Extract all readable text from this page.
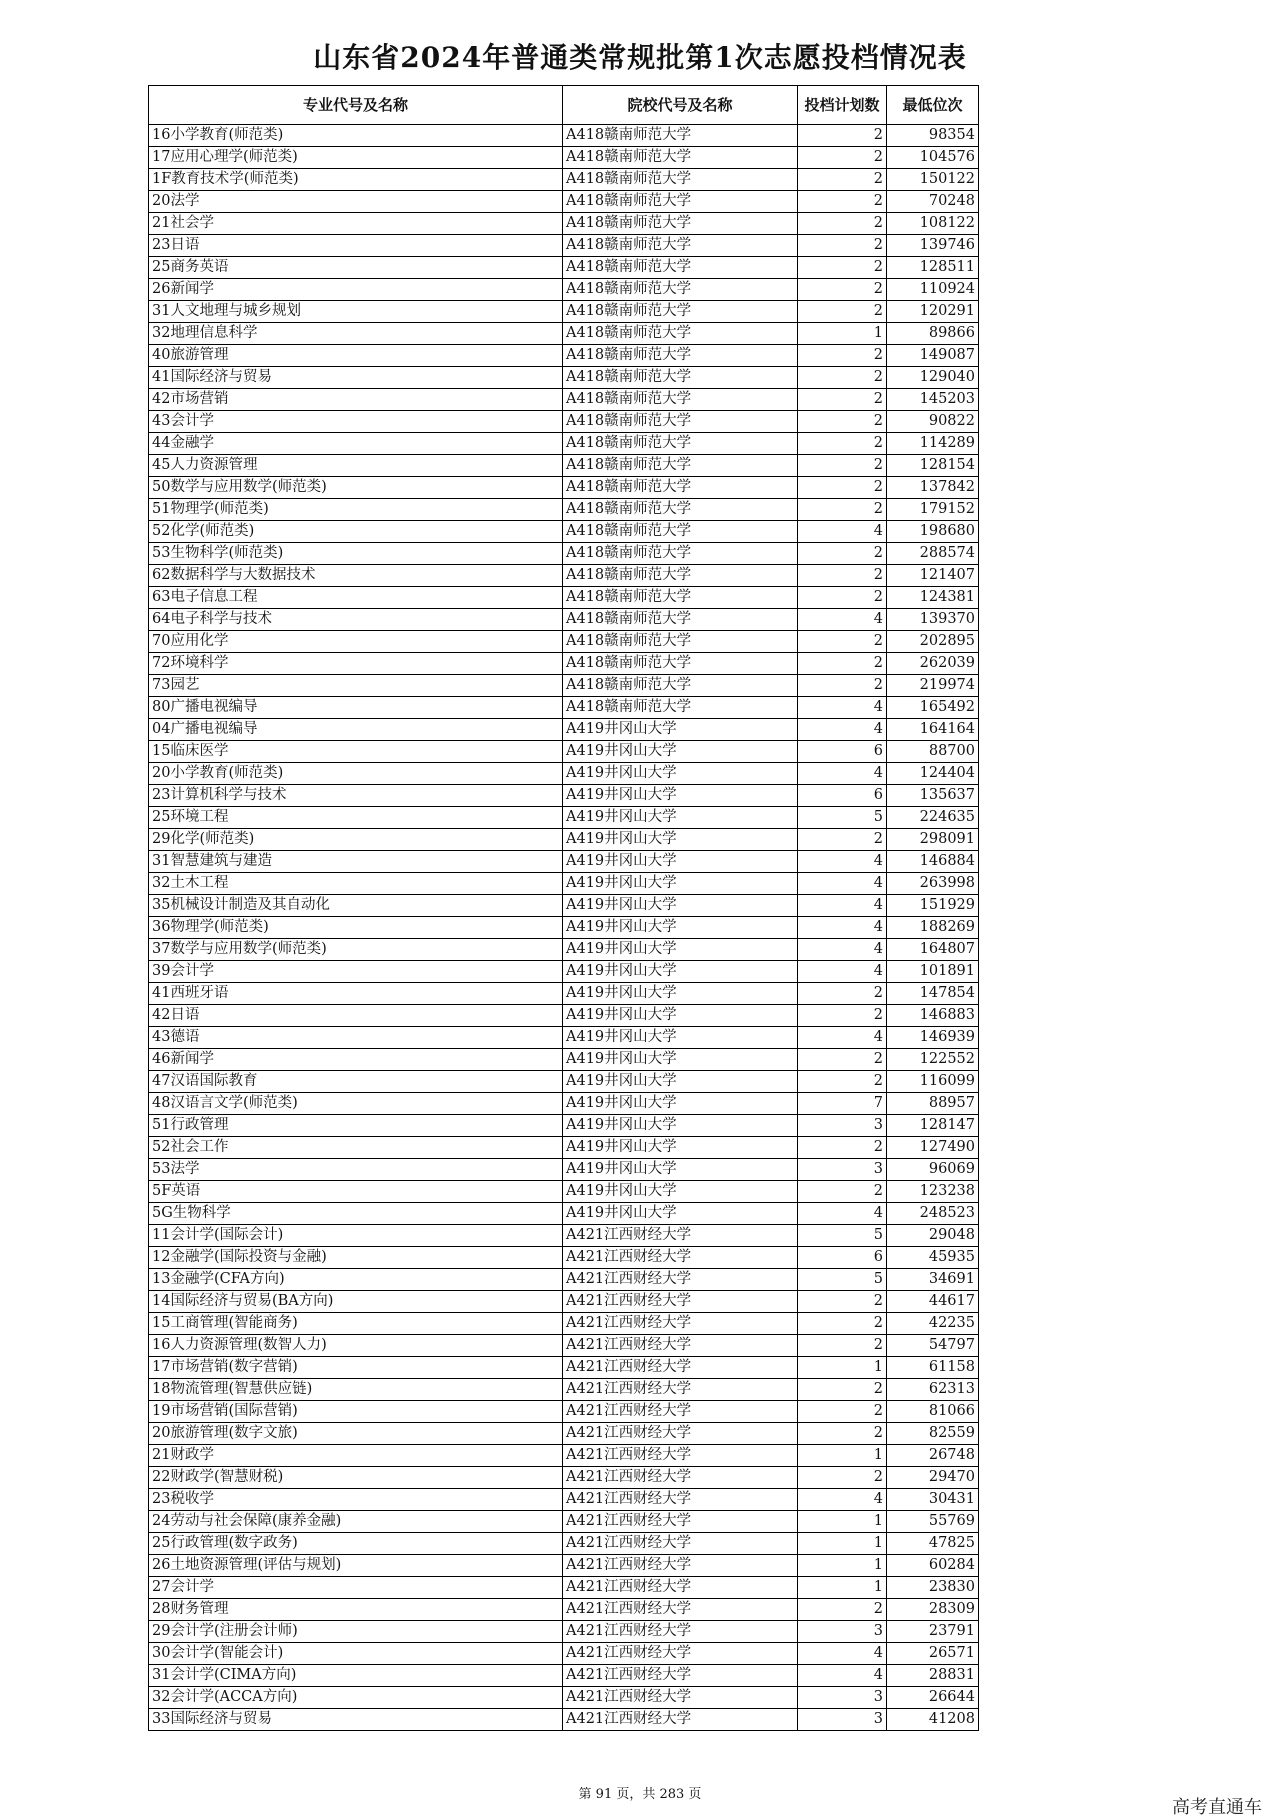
山东省2024年普通类常规批第1次志愿投档情况表
专业代号及名称	院校代号及名称	投档计划数	最低位次
16小学教育(师范类)	A418赣南师范大学	2	98354
17应用心理学(师范类)	A418赣南师范大学	2	104576
1F教育技术学(师范类)	A418赣南师范大学	2	150122
20法学	A418赣南师范大学	2	70248
21社会学	A418赣南师范大学	2	108122
23日语	A418赣南师范大学	2	139746
25商务英语	A418赣南师范大学	2	128511
26新闻学	A418赣南师范大学	2	110924
31人文地理与城乡规划	A418赣南师范大学	2	120291
32地理信息科学	A418赣南师范大学	1	89866
40旅游管理	A418赣南师范大学	2	149087
41国际经济与贸易	A418赣南师范大学	2	129040
42市场营销	A418赣南师范大学	2	145203
43会计学	A418赣南师范大学	2	90822
44金融学	A418赣南师范大学	2	114289
45人力资源管理	A418赣南师范大学	2	128154
50数学与应用数学(师范类)	A418赣南师范大学	2	137842
51物理学(师范类)	A418赣南师范大学	2	179152
52化学(师范类)	A418赣南师范大学	4	198680
53生物科学(师范类)	A418赣南师范大学	2	288574
62数据科学与大数据技术	A418赣南师范大学	2	121407
63电子信息工程	A418赣南师范大学	2	124381
64电子科学与技术	A418赣南师范大学	4	139370
70应用化学	A418赣南师范大学	2	202895
72环境科学	A418赣南师范大学	2	262039
73园艺	A418赣南师范大学	2	219974
80广播电视编导	A418赣南师范大学	4	165492
04广播电视编导	A419井冈山大学	4	164164
15临床医学	A419井冈山大学	6	88700
20小学教育(师范类)	A419井冈山大学	4	124404
23计算机科学与技术	A419井冈山大学	6	135637
25环境工程	A419井冈山大学	5	224635
29化学(师范类)	A419井冈山大学	2	298091
31智慧建筑与建造	A419井冈山大学	4	146884
32土木工程	A419井冈山大学	4	263998
35机械设计制造及其自动化	A419井冈山大学	4	151929
36物理学(师范类)	A419井冈山大学	4	188269
37数学与应用数学(师范类)	A419井冈山大学	4	164807
39会计学	A419井冈山大学	4	101891
41西班牙语	A419井冈山大学	2	147854
42日语	A419井冈山大学	2	146883
43德语	A419井冈山大学	4	146939
46新闻学	A419井冈山大学	2	122552
47汉语国际教育	A419井冈山大学	2	116099
48汉语言文学(师范类)	A419井冈山大学	7	88957
51行政管理	A419井冈山大学	3	128147
52社会工作	A419井冈山大学	2	127490
53法学	A419井冈山大学	3	96069
5F英语	A419井冈山大学	2	123238
5G生物科学	A419井冈山大学	4	248523
11会计学(国际会计)	A421江西财经大学	5	29048
12金融学(国际投资与金融)	A421江西财经大学	6	45935
13金融学(CFA方向)	A421江西财经大学	5	34691
14国际经济与贸易(BA方向)	A421江西财经大学	2	44617
15工商管理(智能商务)	A421江西财经大学	2	42235
16人力资源管理(数智人力)	A421江西财经大学	2	54797
17市场营销(数字营销)	A421江西财经大学	1	61158
18物流管理(智慧供应链)	A421江西财经大学	2	62313
19市场营销(国际营销)	A421江西财经大学	2	81066
20旅游管理(数字文旅)	A421江西财经大学	2	82559
21财政学	A421江西财经大学	1	26748
22财政学(智慧财税)	A421江西财经大学	2	29470
23税收学	A421江西财经大学	4	30431
24劳动与社会保障(康养金融)	A421江西财经大学	1	55769
25行政管理(数字政务)	A421江西财经大学	1	47825
26土地资源管理(评估与规划)	A421江西财经大学	1	60284
27会计学	A421江西财经大学	1	23830
28财务管理	A421江西财经大学	2	28309
29会计学(注册会计师)	A421江西财经大学	3	23791
30会计学(智能会计)	A421江西财经大学	4	26571
31会计学(CIMA方向)	A421江西财经大学	4	28831
32会计学(ACCA方向)	A421江西财经大学	3	26644
33国际经济与贸易	A421江西财经大学	3	41208
第 91 页，共 283 页
高考直通车
